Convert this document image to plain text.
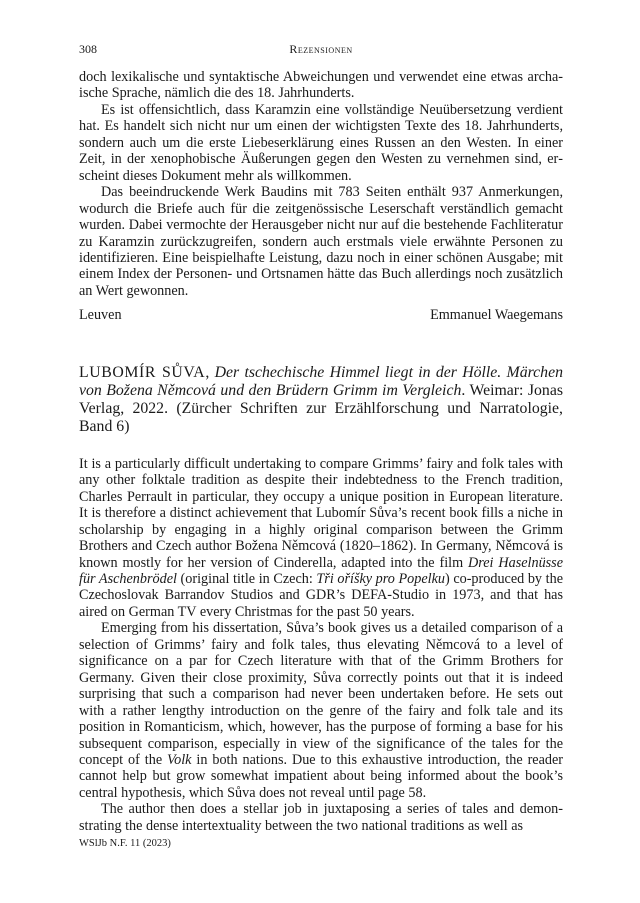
308	Rezensionen

doch lexikalische und syntaktische Abweichungen und verwendet eine etwas archaische Sprache, nämlich die des 18. Jahrhunderts.

Es ist offensichtlich, dass Karamzin eine vollständige Neuübersetzung verdient hat. Es handelt sich nicht nur um einen der wichtigsten Texte des 18. Jahrhunderts, sondern auch um die erste Liebeserklärung eines Russen an den Westen. In einer Zeit, in der xenophobische Äußerungen gegen den Westen zu vernehmen sind, erscheint dieses Dokument mehr als willkommen.

Das beeindruckende Werk Baudins mit 783 Seiten enthält 937 Anmerkungen, wodurch die Briefe auch für die zeitgenössische Leserschaft verständlich gemacht wurden. Dabei vermochte der Herausgeber nicht nur auf die bestehende Fachliteratur zu Karamzin zurückzugreifen, sondern auch erstmals viele erwähnte Personen zu identifizieren. Eine beispielhafte Leistung, dazu noch in einer schönen Ausgabe; mit einem Index der Personen- und Ortsnamen hätte das Buch allerdings noch zusätzlich an Wert gewonnen.

Leuven	Emmanuel Waegemans

LUBOMÍR SŮVA, Der tschechische Himmel liegt in der Hölle. Märchen von Božena Němcová und den Brüdern Grimm im Vergleich. Weimar: Jonas Verlag, 2022. (Zürcher Schriften zur Erzählforschung und Narratologie, Band 6)

It is a particularly difficult undertaking to compare Grimms’ fairy and folk tales with any other folktale tradition as despite their indebtedness to the French tradition, Charles Perrault in particular, they occupy a unique position in European literature. It is therefore a distinct achievement that Lubomír Sůva’s recent book fills a niche in scholarship by engaging in a highly original comparison between the Grimm Brothers and Czech author Božena Němcová (1820–1862). In Germany, Němcová is known mostly for her version of Cinderella, adapted into the film Drei Haselnüsse für Aschenbrödel (original title in Czech: Tři oříšky pro Popelku) co-produced by the Czechoslovak Barrandov Studios and GDR’s DEFA-Studio in 1973, and that has aired on German TV every Christmas for the past 50 years.

Emerging from his dissertation, Sůva’s book gives us a detailed comparison of a selection of Grimms’ fairy and folk tales, thus elevating Němcová to a level of significance on a par for Czech literature with that of the Grimm Brothers for Germany. Given their close proximity, Sůva correctly points out that it is indeed surprising that such a comparison had never been undertaken before. He sets out with a rather lengthy introduction on the genre of the fairy and folk tale and its position in Romanticism, which, however, has the purpose of forming a base for his subsequent comparison, especially in view of the significance of the tales for the concept of the Volk in both nations. Due to this exhaustive introduction, the reader cannot help but grow somewhat impatient about being informed about the book’s central hypothesis, which Sůva does not reveal until page 58.

The author then does a stellar job in juxtaposing a series of tales and demonstrating the dense intertextuality between the two national traditions as well as

WSlJb N.F. 11 (2023)
